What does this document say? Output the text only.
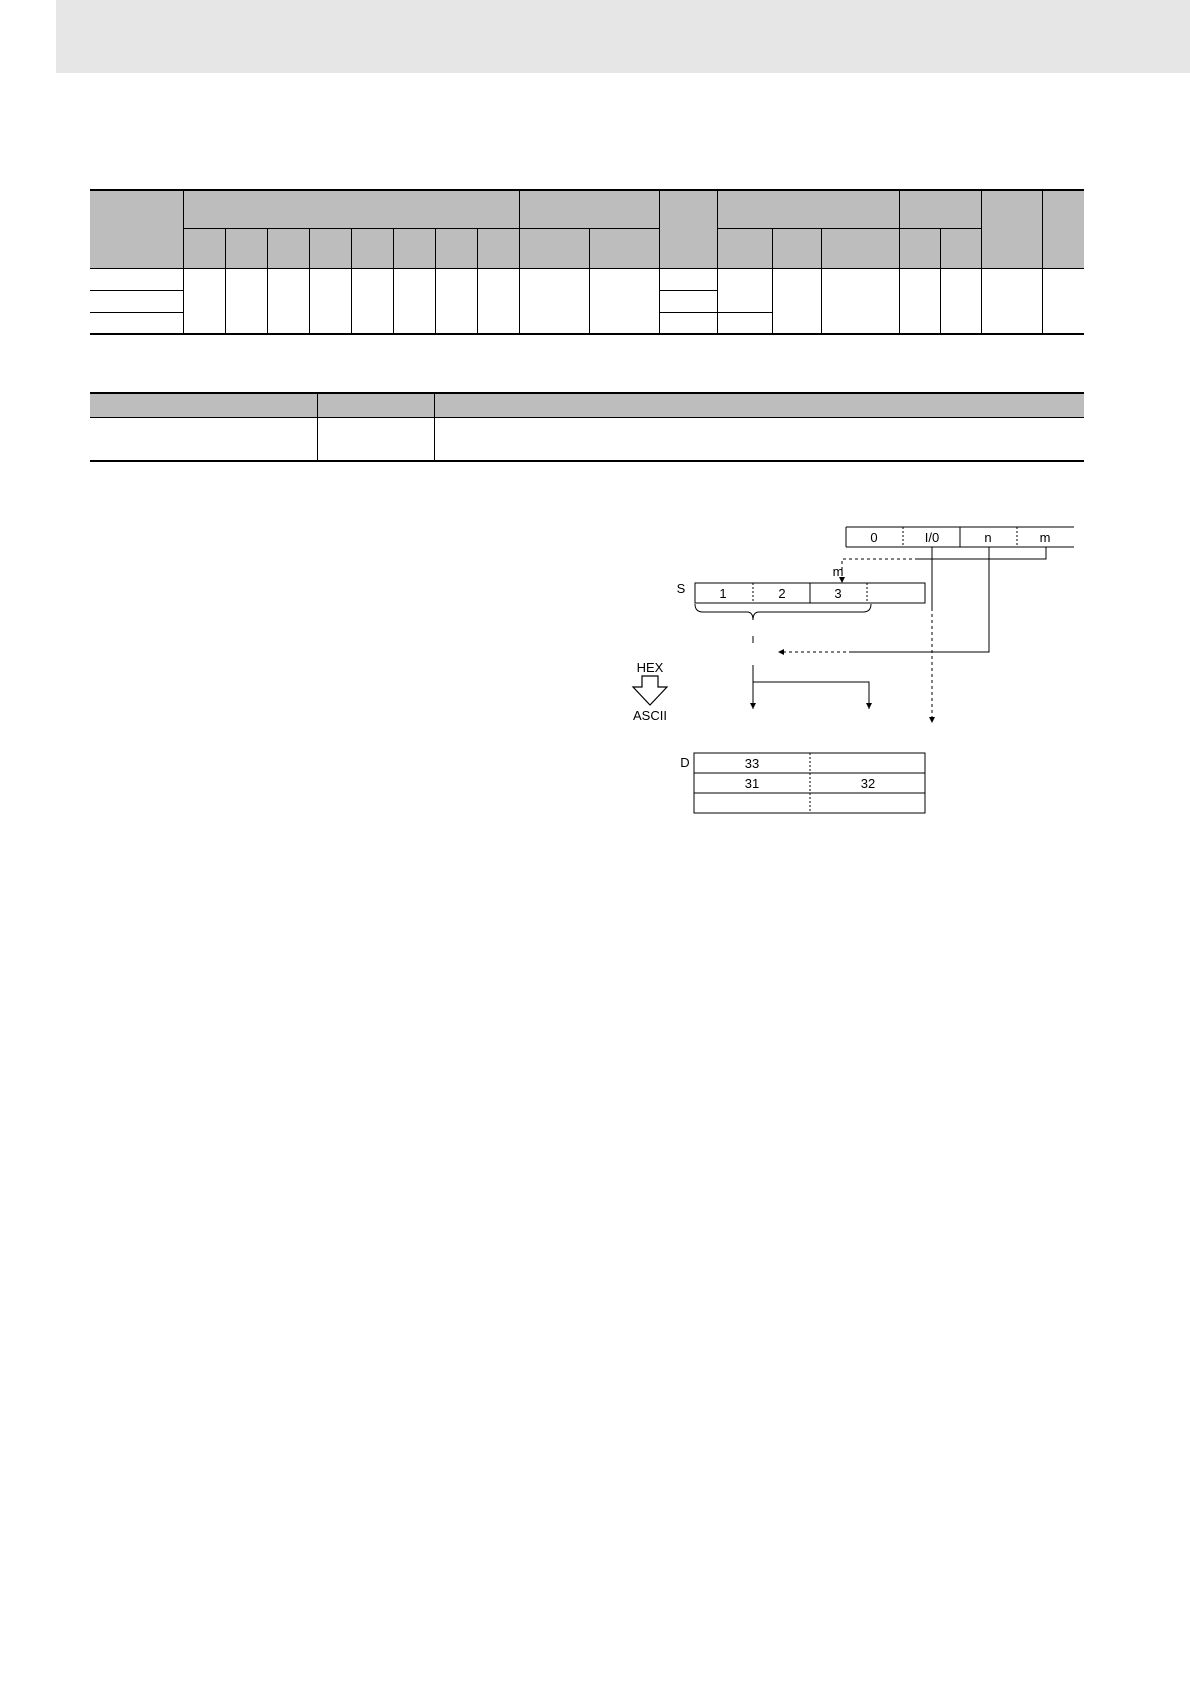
0	I/0	n	m
S
m
1	2	3
HEX
ASCII
D	33
31	32
